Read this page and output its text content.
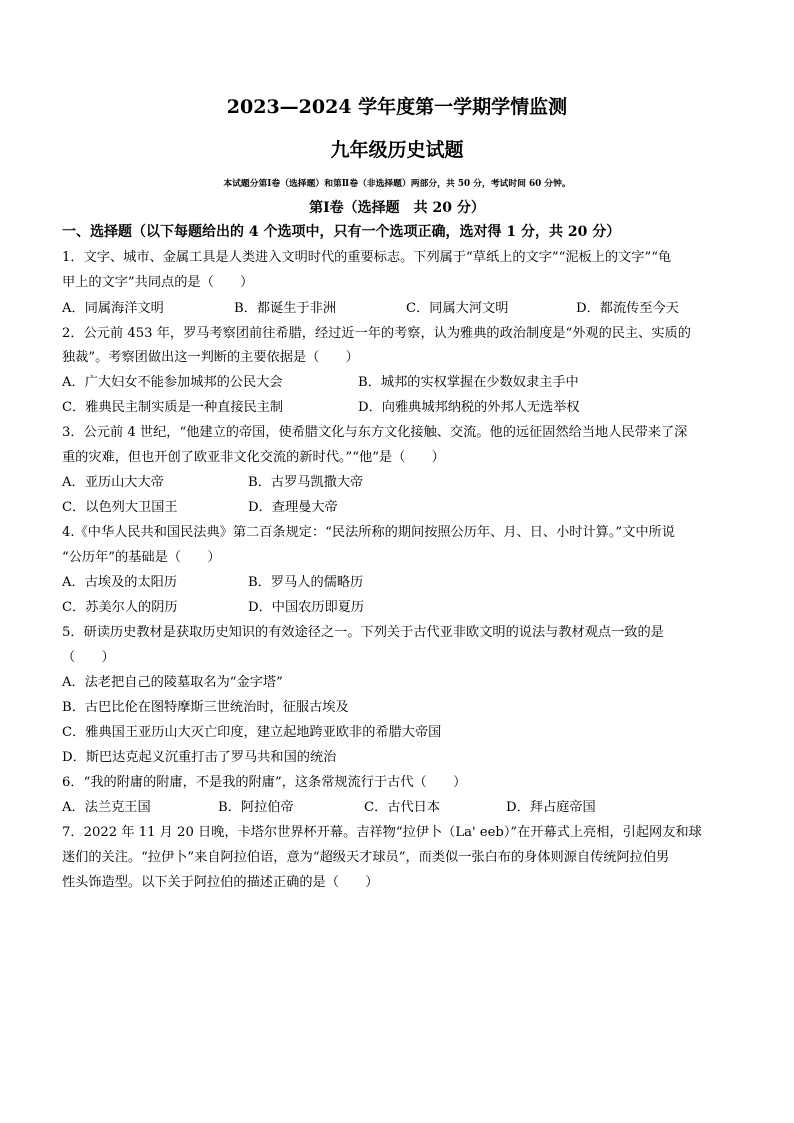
2023—2024 学年度第一学期学情监测
九年级历史试题
本试题分第Ⅰ卷（选择题）和第Ⅱ卷（非选择题）两部分，共 50 分，考试时间 60 分钟。
第Ⅰ卷（选择题　共 20 分）
一、选择题（以下每题给出的 4 个选项中，只有一个选项正确，选对得 1 分，共 20 分）
1．文字、城市、金属工具是人类进入文明时代的重要标志。下列属于“草纸上的文字”“泥板上的文字”“龟
甲上的文字”共同点的是（　　）
A．同属海洋文明	B．都诞生于非洲	C．同属大河文明	D．都流传至今天
2．公元前 453 年，罗马考察团前往希腊，经过近一年的考察，认为雅典的政治制度是“外观的民主、实质的
独裁”。考察团做出这一判断的主要依据是（　　）
A．广大妇女不能参加城邦的公民大会	B．城邦的实权掌握在少数奴隶主手中
C．雅典民主制实质是一种直接民主制	D．向雅典城邦纳税的外邦人无选举权
3．公元前 4 世纪，“他建立的帝国，使希腊文化与东方文化接触、交流。他的远征固然给当地人民带来了深
重的灾难，但也开创了欧亚非文化交流的新时代。”“他”是（　　）
A．亚历山大大帝	B．古罗马凯撒大帝
C．以色列大卫国王	D．查理曼大帝
4.《中华人民共和国民法典》第二百条规定：“民法所称的期间按照公历年、月、日、小时计算。”文中所说
“公历年”的基础是（　　）
A．古埃及的太阳历	B．罗马人的儒略历
C．苏美尔人的阴历	D．中国农历即夏历
5．研读历史教材是获取历史知识的有效途径之一。下列关于古代亚非欧文明的说法与教材观点一致的是
（　　）
A．法老把自己的陵墓取名为“金字塔”
B．古巴比伦在图特摩斯三世统治时，征服古埃及
C．雅典国王亚历山大灭亡印度，建立起地跨亚欧非的希腊大帝国
D．斯巴达克起义沉重打击了罗马共和国的统治
6．“我的附庸的附庸，不是我的附庸”，这条常规流行于古代（　　）
A．法兰克王国	B．阿拉伯帝	C．古代日本	D．拜占庭帝国
7．2022 年 11 月 20 日晚，卡塔尔世界杯开幕。吉祥物“拉伊卜（La' eeb）”在开幕式上亮相，引起网友和球
迷们的关注。“拉伊卜”来自阿拉伯语，意为“超级天才球员”，而类似一张白布的身体则源自传统阿拉伯男
性头饰造型。以下关于阿拉伯的描述正确的是（　　）
